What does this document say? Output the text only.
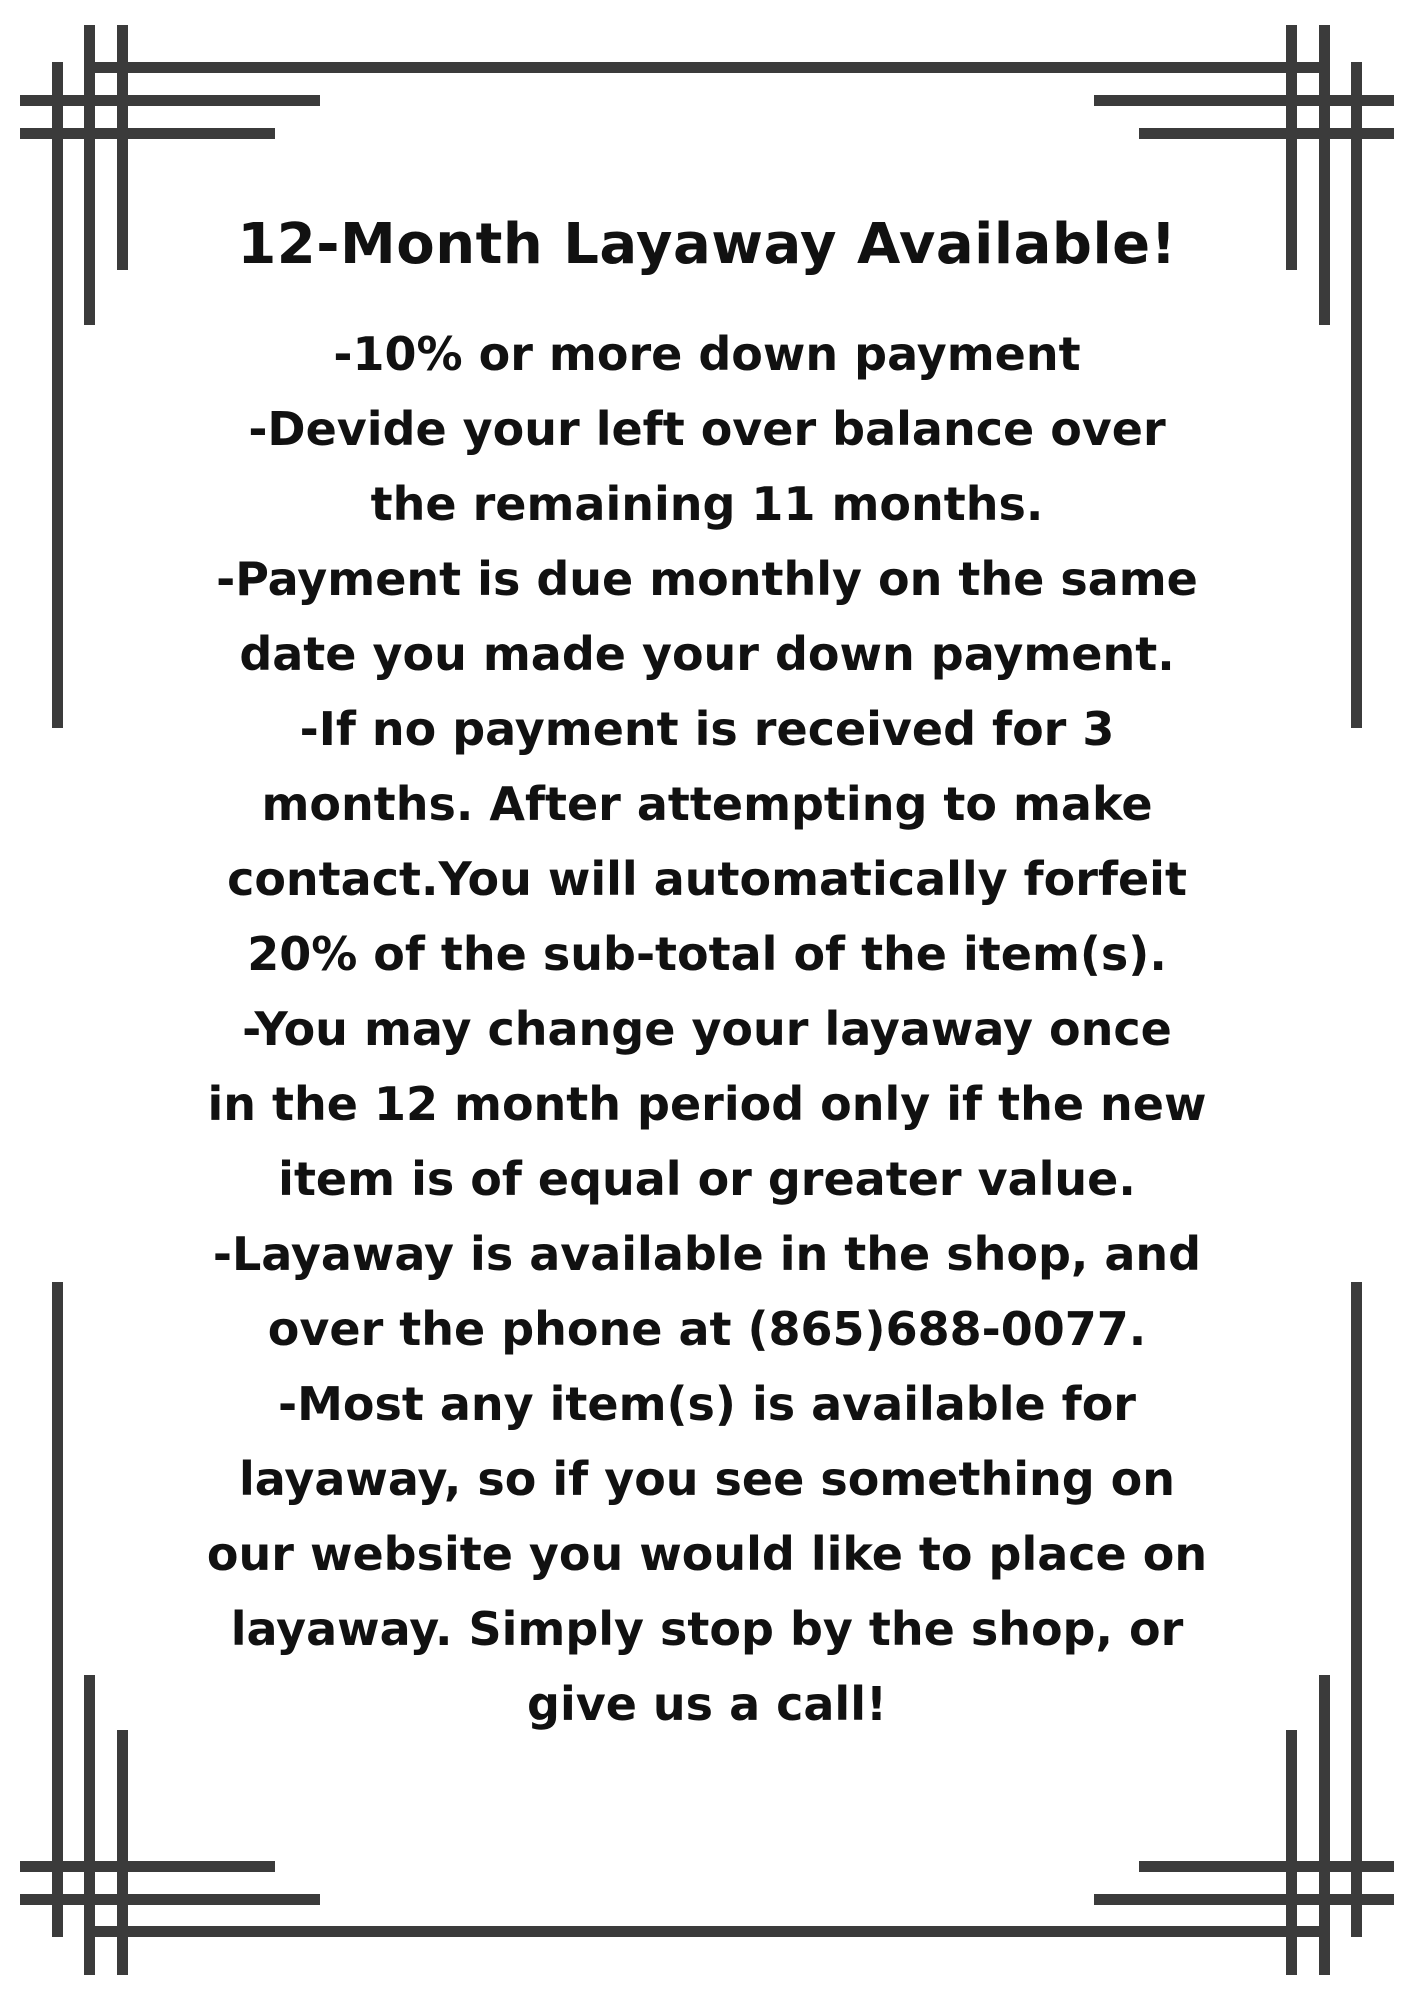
12-Month Layaway Available!
-10% or more down payment
-Devide your left over balance over
the remaining 11 months.
-Payment is due monthly on the same
date you made your down payment.
-If no payment is received for 3
months. After attempting to make
contact.You will automatically forfeit
20% of the sub-total of the item(s).
-You may change your layaway once
in the 12 month period only if the new
item is of equal or greater value.
-Layaway is available in the shop, and
over the phone at (865)688-0077.
-Most any item(s) is available for
layaway, so if you see something on
our website you would like to place on
layaway. Simply stop by the shop, or
give us a call!
